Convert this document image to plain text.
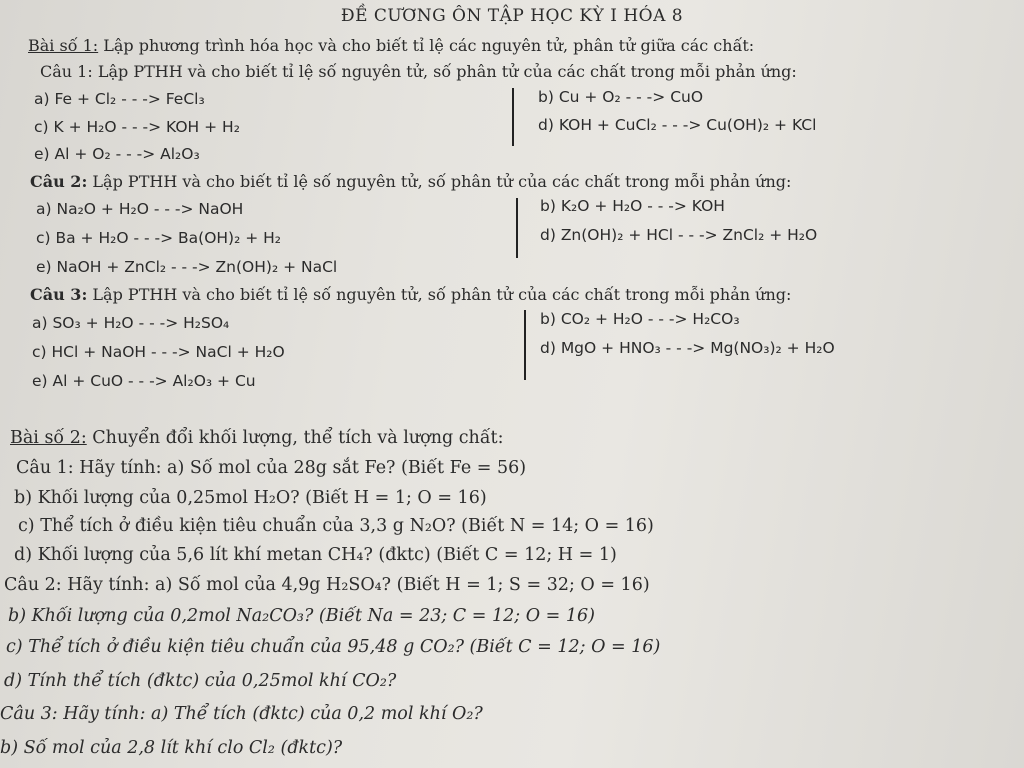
ĐỀ CƯƠNG ÔN TẬP HỌC KỲ I HÓA 8
Bài số 1: Lập phương trình hóa học và cho biết tỉ lệ các nguyên tử, phân tử giữa các chất:
Câu 1: Lập PTHH và cho biết tỉ lệ số nguyên tử, số phân tử của các chất trong mỗi phản ứng:
a) Fe + Cl₂ - - -> FeCl₃	b) Cu + O₂ - - -> CuO
c) K + H₂O - - -> KOH + H₂	d) KOH + CuCl₂ - - -> Cu(OH)₂ + KCl
e) Al + O₂ - - -> Al₂O₃
Câu 2: Lập PTHH và cho biết tỉ lệ số nguyên tử, số phân tử của các chất trong mỗi phản ứng:
a) Na₂O + H₂O - - -> NaOH	b) K₂O + H₂O - - -> KOH
c) Ba + H₂O - - -> Ba(OH)₂ + H₂	d) Zn(OH)₂ + HCl - - -> ZnCl₂ + H₂O
e) NaOH + ZnCl₂ - - -> Zn(OH)₂ + NaCl
Câu 3: Lập PTHH và cho biết tỉ lệ số nguyên tử, số phân tử của các chất trong mỗi phản ứng:
a) SO₃ + H₂O - - -> H₂SO₄	b) CO₂ + H₂O - - -> H₂CO₃
c) HCl + NaOH - - -> NaCl + H₂O	d) MgO + HNO₃ - - -> Mg(NO₃)₂ + H₂O
e) Al + CuO - - -> Al₂O₃ + Cu
Bài số 2: Chuyển đổi khối lượng, thể tích và lượng chất:
Câu 1: Hãy tính: a) Số mol của 28g sắt Fe? (Biết Fe = 56)
b) Khối lượng của 0,25mol H₂O? (Biết H = 1; O = 16)
c) Thể tích ở điều kiện tiêu chuẩn của 3,3 g N₂O? (Biết N = 14; O = 16)
d) Khối lượng của 5,6 lít khí metan CH₄? (đktc) (Biết C = 12; H = 1)
Câu 2: Hãy tính: a) Số mol của 4,9g H₂SO₄? (Biết H = 1; S = 32; O = 16)
b) Khối lượng của 0,2mol Na₂CO₃? (Biết Na = 23; C = 12; O = 16)
c) Thể tích ở điều kiện tiêu chuẩn của 95,48 g CO₂? (Biết C = 12; O = 16)
d) Tính thể tích (đktc) của 0,25mol khí CO₂?
Câu 3: Hãy tính: a) Thể tích (đktc) của 0,2 mol khí O₂?
b) Số mol của 2,8 lít khí clo Cl₂ (đktc)?
